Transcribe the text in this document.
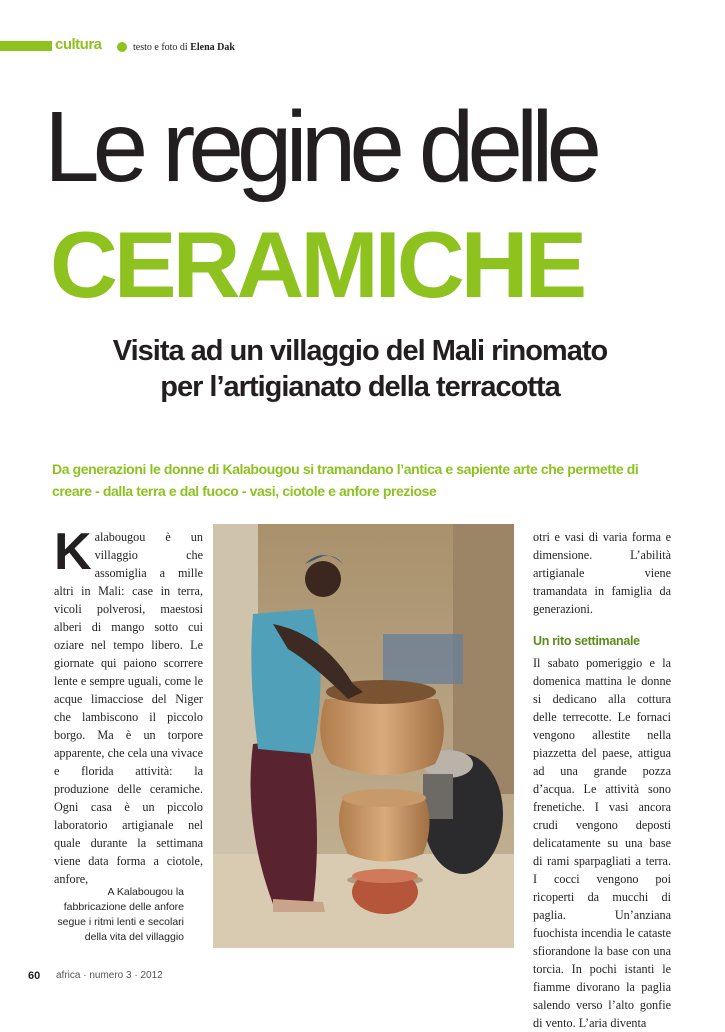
cultura	testo e foto di Elena Dak
Le regine delle
CERAMICHE
Visita ad un villaggio del Mali rinomato
per l’artigianato della terracotta
Da generazioni le donne di Kalabougou si tramandano l’antica e sapiente arte che permette di creare - dalla terra e dal fuoco - vasi, ciotole e anfore preziose
Kalabougou è un villaggio che assomiglia a mille altri in Mali: case in terra, vicoli polverosi, maestosi alberi di mango sotto cui oziare nel tempo libero. Le giornate qui paiono scorrere lente e sempre uguali, come le acque limacciose del Niger che lambiscono il piccolo borgo. Ma è un torpore apparente, che cela una vivace e florida attività: la produzione delle ceramiche. Ogni casa è un piccolo laboratorio artigianale nel quale durante la settimana viene data forma a ciotole, anfore,
A Kalabougou la fabbricazione delle anfore segue i ritmi lenti e secolari della vita del villaggio
otri e vasi di varia forma e dimensione. L’abilità artigianale viene tramandata in famiglia da generazioni.
Un rito settimanale
Il sabato pomeriggio e la domenica mattina le donne si dedicano alla cottura delle terrecotte. Le fornaci vengono allestite nella piazzetta del paese, attigua ad una grande pozza d’acqua. Le attività sono frenetiche. I vasi ancora crudi vengono deposti delicatamente su una base di rami sparpagliati a terra. I cocci vengono poi ricoperti da mucchi di paglia. Un’anziana fuochista incendia le cataste sfiorandone la base con una torcia. In pochi istanti le fiamme divorano la paglia salendo verso l’alto gonfie di vento. L’aria diventa
60 africa · numero 3 · 2012
